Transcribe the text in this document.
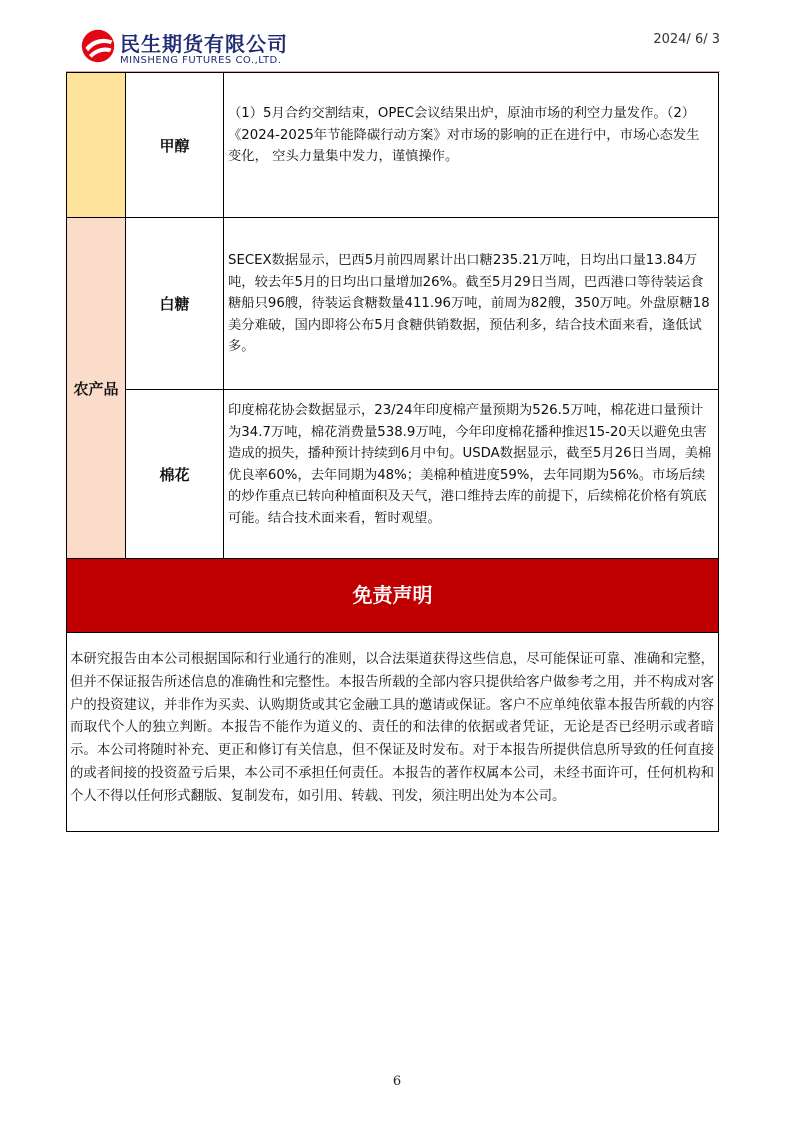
民生期货有限公司
MINSHENG FUTURES CO.,LTD.
2024/ 6/ 3
	甲醇	（1）5月合约交割结束，OPEC会议结果出炉，原油市场的利空力量发作。（2）《2024-2025年节能降碳行动方案》对市场的影响的正在进行中，市场心态发生变化， 空头力量集中发力，谨慎操作。

农产品	白糖	SECEX数据显示，巴西5月前四周累计出口糖235.21万吨，日均出口量13.84万吨，较去年5月的日均出口量增加26%。截至5月29日当周，巴西港口等待装运食糖船只96艘，待装运食糖数量411.96万吨，前周为82艘，350万吨。外盘原糖18美分难破，国内即将公布5月食糖供销数据，预估利多，结合技术面来看，逢低试多。

	棉花	印度棉花协会数据显示，23/24年印度棉产量预期为526.5万吨，棉花进口量预计为34.7万吨，棉花消费量538.9万吨，今年印度棉花播种推迟15-20天以避免虫害造成的损失，播种预计持续到6月中旬。USDA数据显示，截至5月26日当周，美棉优良率60%，去年同期为48%；美棉种植进度59%，去年同期为56%。市场后续的炒作重点已转向种植面积及天气，港口维持去库的前提下，后续棉花价格有筑底可能。结合技术面来看，暂时观望。

免责声明
本研究报告由本公司根据国际和行业通行的准则，以合法渠道获得这些信息，尽可能保证可靠、准确和完整，但并不保证报告所述信息的准确性和完整性。本报告所载的全部内容只提供给客户做参考之用，并不构成对客户的投资建议，并非作为买卖、认购期货或其它金融工具的邀请或保证。客户不应单纯依靠本报告所载的内容而取代个人的独立判断。本报告不能作为道义的、责任的和法律的依据或者凭证，无论是否已经明示或者暗示。本公司将随时补充、更正和修订有关信息，但不保证及时发布。对于本报告所提供信息所导致的任何直接的或者间接的投资盈亏后果，本公司不承担任何责任。本报告的著作权属本公司，未经书面许可，任何机构和个人不得以任何形式翻版、复制发布，如引用、转载、刊发，须注明出处为本公司。
6
